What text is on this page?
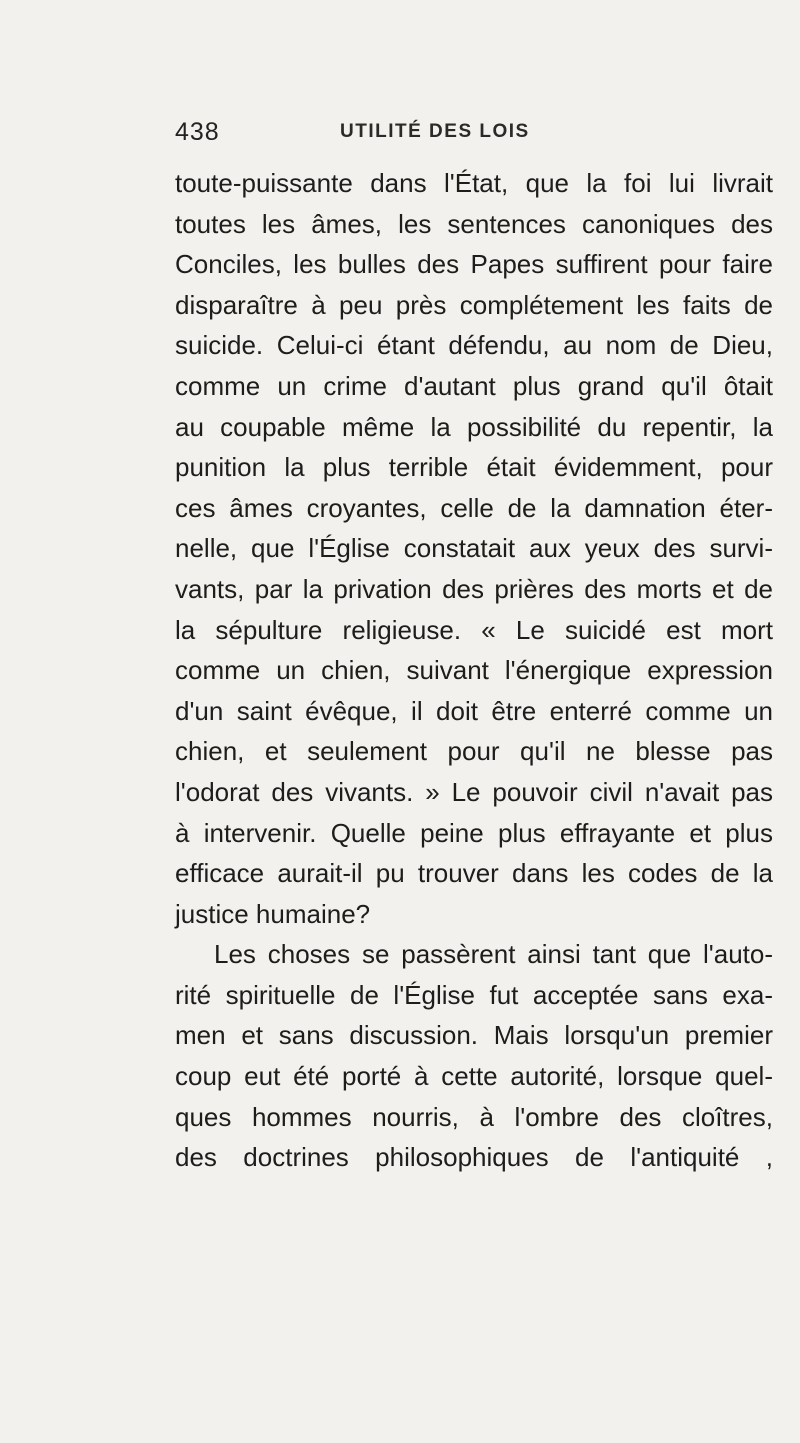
438	UTILITÉ DES LOIS
toute-puissante dans l'État, que la foi lui livrait
toutes les âmes, les sentences canoniques des
Conciles, les bulles des Papes suffirent pour faire
disparaître à peu près complétement les faits de
suicide. Celui-ci étant défendu, au nom de Dieu,
comme un crime d'autant plus grand qu'il ôtait
au coupable même la possibilité du repentir, la
punition la plus terrible était évidemment, pour
ces âmes croyantes, celle de la damnation éter-
nelle, que l'Église constatait aux yeux des survi-
vants, par la privation des prières des morts et de
la sépulture religieuse. « Le suicidé est mort
comme un chien, suivant l'énergique expression
d'un saint évêque, il doit être enterré comme un
chien, et seulement pour qu'il ne blesse pas
l'odorat des vivants. » Le pouvoir civil n'avait pas
à intervenir. Quelle peine plus effrayante et plus
efficace aurait-il pu trouver dans les codes de la
justice humaine?
Les choses se passèrent ainsi tant que l'auto-
rité spirituelle de l'Église fut acceptée sans exa-
men et sans discussion. Mais lorsqu'un premier
coup eut été porté à cette autorité, lorsque quel-
ques hommes nourris, à l'ombre des cloîtres,
des doctrines philosophiques de l'antiquité ,
